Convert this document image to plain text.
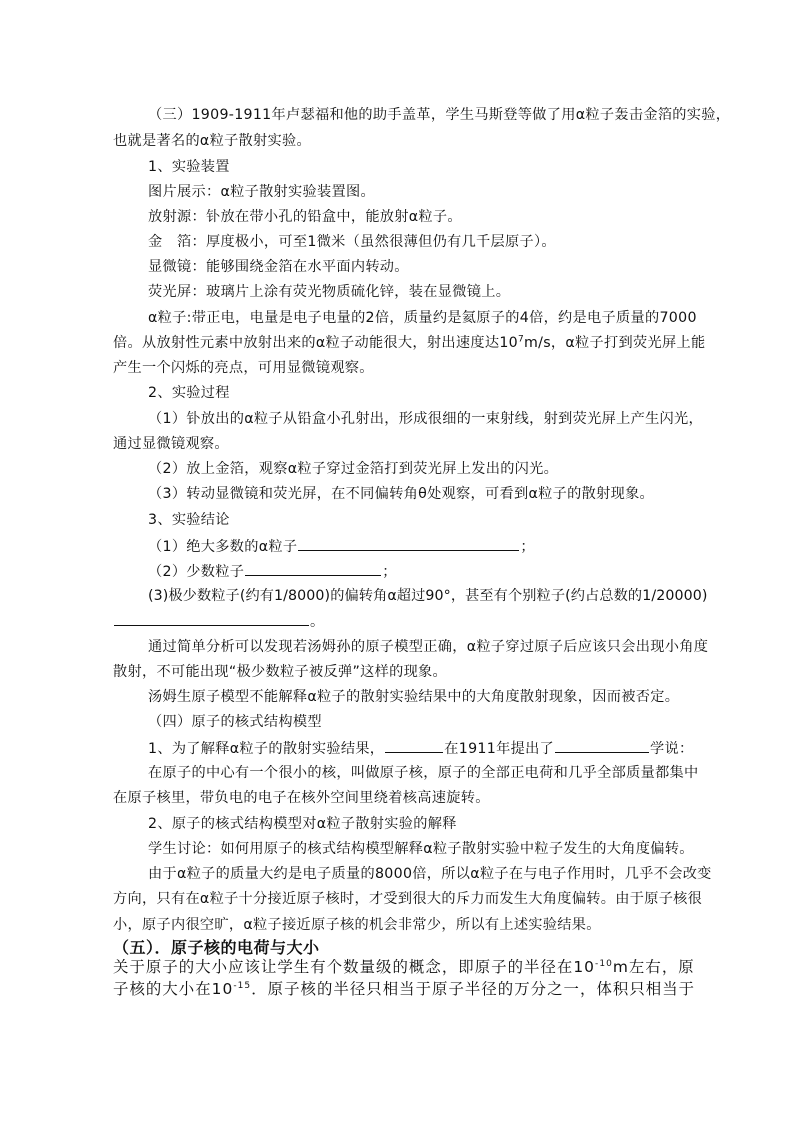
（三）1909-1911年卢瑟福和他的助手盖革，学生马斯登等做了用α粒子轰击金箔的实验，
也就是著名的α粒子散射实验。
1、实验装置
图片展示：α粒子散射实验装置图。
放射源：钋放在带小孔的铅盒中，能放射α粒子。
金　箔：厚度极小，可至1微米（虽然很薄但仍有几千层原子）。
显微镜：能够围绕金箔在水平面内转动。
荧光屏：玻璃片上涂有荧光物质硫化锌，装在显微镜上。
α粒子:带正电，电量是电子电量的2倍，质量约是氦原子的4倍，约是电子质量的7000
倍。从放射性元素中放射出来的α粒子动能很大，射出速度达$10^7m/s$，α粒子打到荧光屏上能
产生一个闪烁的亮点，可用显微镜观察。
2、实验过程
（1）钋放出的α粒子从铅盒小孔射出，形成很细的一束射线，射到荧光屏上产生闪光，
通过显微镜观察。
（2）放上金箔，观察α粒子穿过金箔打到荧光屏上发出的闪光。
（3）转动显微镜和荧光屏，在不同偏转角θ处观察，可看到α粒子的散射现象。
3、实验结论
（1）绝大多数的α粒子	；
（2）少数粒子	；
(3)极少数粒子(约有1/8000)的偏转角α超过90°，甚至有个别粒子(约占总数的1/20000)
。
通过简单分析可以发现若汤姆孙的原子模型正确，α粒子穿过原子后应该只会出现小角度
散射，不可能出现“极少数粒子被反弹”这样的现象。
汤姆生原子模型不能解释α粒子的散射实验结果中的大角度散射现象，因而被否定。
（四）原子的核式结构模型
1、为了解释α粒子的散射实验结果，	在1911年提出了	学说：
在原子的中心有一个很小的核，叫做原子核，原子的全部正电荷和几乎全部质量都集中
在原子核里，带负电的电子在核外空间里绕着核高速旋转。
2、原子的核式结构模型对α粒子散射实验的解释
学生讨论：如何用原子的核式结构模型解释α粒子散射实验中粒子发生的大角度偏转。
由于α粒子的质量大约是电子质量的8000倍，所以α粒子在与电子作用时，几乎不会改变
方向，只有在α粒子十分接近原子核时，才受到很大的斥力而发生大角度偏转。由于原子核很
小，原子内很空旷，α粒子接近原子核的机会非常少，所以有上述实验结果。
（五）．原子核的电荷与大小
关于原子的大小应该让学生有个数量级的概念，即原子的半径在$10^{-10}m$左右，原
子核的大小在$10^{-15}$．原子核的半径只相当于原子半径的万分之一，体积只相当于
